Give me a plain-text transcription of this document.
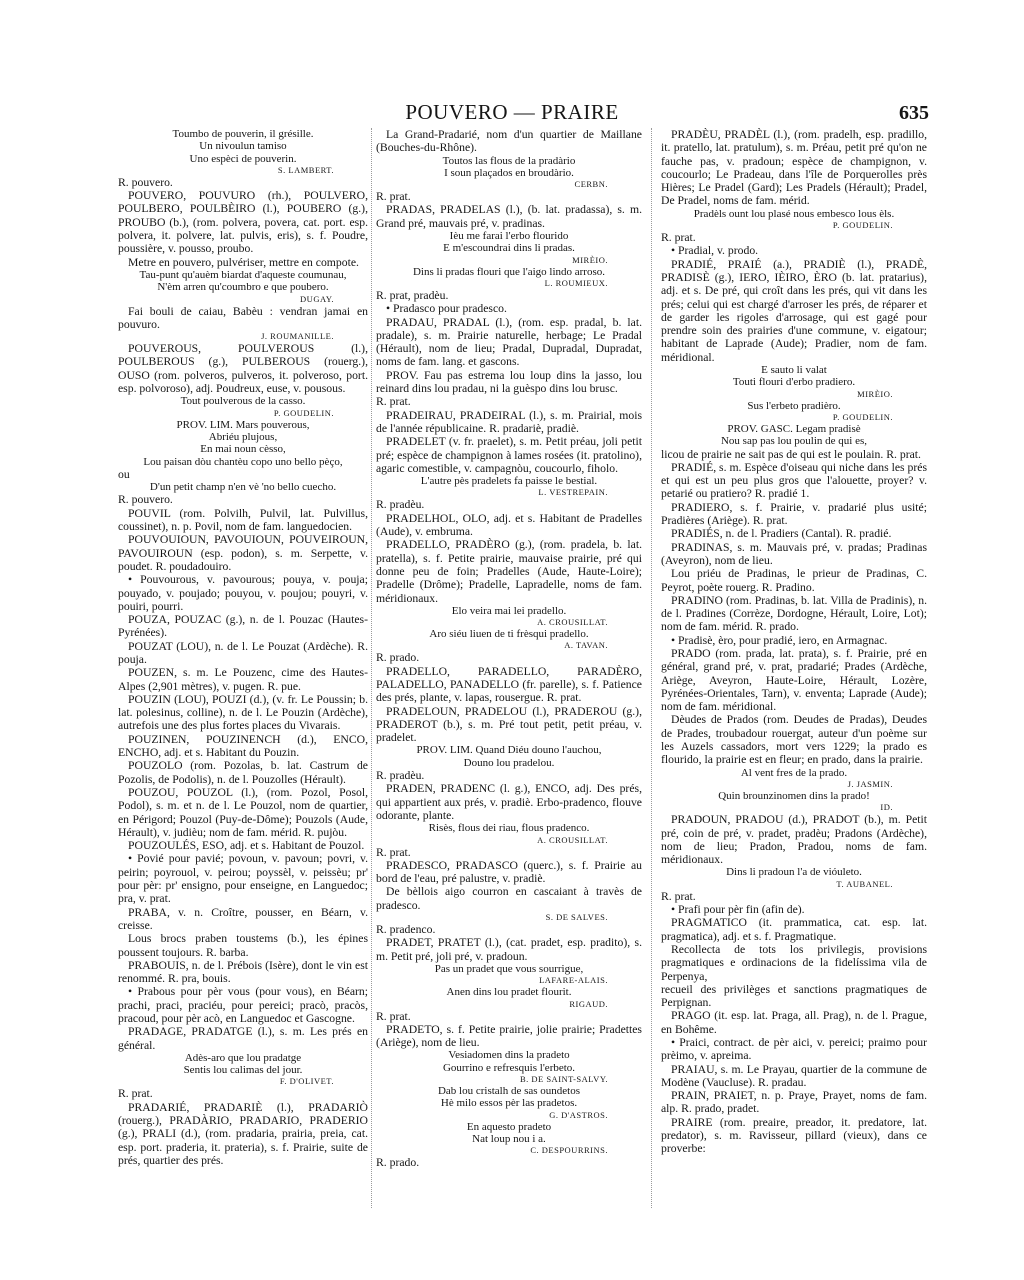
POUVERO — PRAIRE	635

Toumbo de pouverin, il grésille.

Un nivoulun tamiso

Uno espèci de pouverin.

S. LAMBERT.

R. pouvero.

POUVERO, POUVURO (rh.), POULVERO, POULBERO, POULBÈIRO (l.), POUBERO (g.), PROUBO (b.), (rom. polvera, povera, cat. port. esp. polvera, it. polvere, lat. pulvis, eris), s. f. Poudre, poussière, v. pousso, proubo.

Metre en pouvero, pulvériser, mettre en compote.

Tau-punt qu'auèm biardat d'aqueste coumunau,

N'èm arren qu'coumbro e que poubero.

DUGAY.

Fai bouli de caiau, Babèu : vendran jamai en pouvuro.

J. ROUMANILLE.

POUVEROUS, POULVEROUS (l.), POULBEROUS (g.), PULBEROUS (rouerg.), OUSO (rom. polveros, pulveros, it. polveroso, port. esp. polvoroso), adj. Poudreux, euse, v. pousous.

Tout poulverous de la casso.

P. GOUDELIN.

PROV. LIM. Mars pouverous,

Abriéu plujous,

En mai noun cèsso,

Lou paisan dòu chantèu copo uno bello pèço,

ou

D'un petit champ n'en vè 'no bello cuecho.

R. pouvero.

POUVIL (rom. Polvilh, Pulvil, lat. Pulvillus, coussinet), n. p. Povil, nom de fam. languedocien.

POUVOUIOUN, PAVOUIOUN, POUVEIROUN, PAVOUIROUN (esp. podon), s. m. Serpette, v. poudet. R. poudadouiro.

• Pouvourous, v. pavourous; pouya, v. pouja; pouyado, v. poujado; pouyou, v. poujou; pouyri, v. pouiri, pourri.

POUZA, POUZAC (g.), n. de l. Pouzac (Hautes-Pyrénées).

POUZAT (LOU), n. de l. Le Pouzat (Ardèche). R. pouja.

POUZEN, s. m. Le Pouzenc, cime des Hautes-Alpes (2,901 mètres), v. pugen. R. pue.

POUZIN (LOU), POUZI (d.), (v. fr. Le Poussin; b. lat. polesinus, colline), n. de l. Le Pouzin (Ardèche), autrefois une des plus fortes places du Vivarais.

POUZINEN, POUZINENCH (d.), ENCO, ENCHO, adj. et s. Habitant du Pouzin.

POUZOLO (rom. Pozolas, b. lat. Castrum de Pozolis, de Podolis), n. de l. Pouzolles (Hérault).

POUZOU, POUZOL (l.), (rom. Pozol, Posol, Podol), s. m. et n. de l. Le Pouzol, nom de quartier, en Périgord; Pouzol (Puy-de-Dôme); Pouzols (Aude, Hérault), v. judièu; nom de fam. mérid. R. pujòu.

POUZOULÉS, ESO, adj. et s. Habitant de Pouzol.

• Povié pour pavié; povoun, v. pavoun; povri, v. peirin; poyrouol, v. peirou; poyssèl, v. peissèu; pr' pour pèr: pr' ensigno, pour enseigne, en Languedoc; pra, v. prat.

PRABA, v. n. Croître, pousser, en Béarn, v. creisse.

Lous brocs praben toustems (b.), les épines poussent toujours. R. barba.

PRABOUIS, n. de l. Prébois (Isère), dont le vin est renommé. R. pra, bouis.

• Prabous pour pèr vous (pour vous), en Béarn; prachi, praci, praciéu, pour pereici; pracò, pracòs, pracoud, pour pèr acò, en Languedoc et Gascogne.

PRADAGE, PRADATGE (l.), s. m. Les prés en général.

Adès-aro que lou pradatge

Sentis lou calimas del jour.

F. D'OLIVET.

R. prat.

PRADARIÉ, PRADARIÈ (l.), PRADARIÒ (rouerg.), PRADÀRIO, PRADARIO, PRADERIO (g.), PRALI (d.), (rom. pradaria, prairia, preia, cat. esp. port. praderia, it. prateria), s. f. Prairie, suite de prés, quartier des prés.

La Grand-Pradarié, nom d'un quartier de Maillane (Bouches-du-Rhône).

Toutos las flous de la pradàrio

I soun plaçados en broudàrio.

CERBN.

R. prat.

PRADAS, PRADELAS (l.), (b. lat. pradassa), s. m. Grand pré, mauvais pré, v. pradinas.

Ièu me farai l'erbo flourido

E m'escoundrai dins li pradas.

MIRÈIO.

Dins li pradas flouri que l'aigo lindo arroso.

L. ROUMIEUX.

R. prat, pradèu.

• Pradasco pour pradesco.

PRADAU, PRADAL (l.), (rom. esp. pradal, b. lat. pradale), s. m. Prairie naturelle, herbage; Le Pradal (Hérault), nom de lieu; Pradal, Dupradal, Dupradat, noms de fam. lang. et gascons.

PROV. Fau pas estrema lou loup dins la jasso, lou reinard dins lou pradau, ni la guèspo dins lou brusc.

R. prat.

PRADEIRAU, PRADEIRAL (l.), s. m. Prairial, mois de l'année républicaine. R. pradariè, pradiè.

PRADELET (v. fr. praelet), s. m. Petit préau, joli petit pré; espèce de champignon à lames rosées (it. pratolino), agaric comestible, v. campagnòu, coucourlo, fiholo.

L'autre pès pradelets fa paisse le bestial.

L. VESTREPAIN.

R. pradèu.

PRADELHOL, OLO, adj. et s. Habitant de Pradelles (Aude), v. embruma.

PRADELLO, PRADÈRO (g.), (rom. pradela, b. lat. pratella), s. f. Petite prairie, mauvaise prairie, pré qui donne peu de foin; Pradelles (Aude, Haute-Loire); Pradelle (Drôme); Pradelle, Lapradelle, noms de fam. méridionaux.

Elo veira mai lei pradello.

A. CROUSILLAT.

Aro siéu liuen de ti frèsqui pradello.

A. TAVAN.

R. prado.

PRADELLO, PARADELLO, PARADÈRO, PALADELLO, PANADELLO (fr. parelle), s. f. Patience des prés, plante, v. lapas, rousergue. R. prat.

PRADELOUN, PRADELOU (l.), PRADEROU (g.), PRADEROT (b.), s. m. Pré tout petit, petit préau, v. pradelet.

PROV. LIM. Quand Diéu douno l'auchou,

Douno lou pradelou.

R. pradèu.

PRADEN, PRADENC (l. g.), ENCO, adj. Des prés, qui appartient aux prés, v. pradiè. Erbo-pradenco, flouve odorante, plante.

Risès, flous dei riau, flous pradenco.

A. CROUSILLAT.

R. prat.

PRADESCO, PRADASCO (querc.), s. f. Prairie au bord de l'eau, pré palustre, v. pradiè.

De bèllois aigo courron en cascaiant à travès de pradesco.

S. DE SALVES.

R. pradenco.

PRADET, PRATET (l.), (cat. pradet, esp. pradito), s. m. Petit pré, joli pré, v. pradoun.

Pas un pradet que vous sourrigue,

LAFARE-ALAIS.

Anen dins lou pradet flourit.

RIGAUD.

R. prat.

PRADETO, s. f. Petite prairie, jolie prairie; Pradettes (Ariège), nom de lieu.

Vesiadomen dins la pradeto

Gourrino e refresquis l'erbeto.

B. DE SAINT-SALVY.

Dab lou cristalh de sas oundetos

Hè milo essos pèr las pradetos.

G. D'ASTROS.

En aquesto pradeto

Nat loup nou i a.

C. DESPOURRINS.

R. prado.

PRADÈU, PRADÈL (l.), (rom. pradelh, esp. pradillo, it. pratello, lat. pratulum), s. m. Préau, petit pré qu'on ne fauche pas, v. pradoun; espèce de champignon, v. coucourlo; Le Pradeau, dans l'île de Porquerolles près Hières; Le Pradel (Gard); Les Pradels (Hérault); Pradel, De Pradel, noms de fam. mérid.

Pradèls ount lou plasé nous embesco lous èls.

P. GOUDELIN.

R. prat.

• Pradial, v. prodo.

PRADIÉ, PRAIÉ (a.), PRADIÈ (l.), PRADÈ, PRADISÈ (g.), IERO, IÈIRO, ÈRO (b. lat. pratarius), adj. et s. De pré, qui croît dans les prés, qui vit dans les prés; celui qui est chargé d'arroser les prés, de réparer et de garder les rigoles d'arrosage, qui est gagé pour prendre soin des prairies d'une commune, v. eigatour; habitant de Laprade (Aude); Pradier, nom de fam. méridional.

E sauto li valat

Touti flouri d'erbo pradiero.

MIRÈIO.

Sus l'erbeto pradièro.

P. GOUDELIN.

PROV. GASC. Legam pradisè

Nou sap pas lou poulin de qui es,

licou de prairie ne sait pas de qui est le poulain. R. prat.

PRADIÉ, s. m. Espèce d'oiseau qui niche dans les prés et qui est un peu plus gros que l'alouette, proyer? v. petarié ou pratiero? R. pradié 1.

PRADIERO, s. f. Prairie, v. pradarié plus usité; Pradières (Ariège). R. prat.

PRADIÉS, n. de l. Pradiers (Cantal). R. pradié.

PRADINAS, s. m. Mauvais pré, v. pradas; Pradinas (Aveyron), nom de lieu.

Lou priéu de Pradinas, le prieur de Pradinas, C. Peyrot, poète rouerg. R. Pradino.

PRADINO (rom. Pradinas, b. lat. Villa de Pradinis), n. de l. Pradines (Corrèze, Dordogne, Hérault, Loire, Lot); nom de fam. mérid. R. prado.

• Pradisè, èro, pour pradié, iero, en Armagnac.

PRADO (rom. prada, lat. prata), s. f. Prairie, pré en général, grand pré, v. prat, pradarié; Prades (Ardèche, Ariège, Aveyron, Haute-Loire, Hérault, Lozère, Pyrénées-Orientales, Tarn), v. enventa; Laprade (Aude); nom de fam. méridional.

Dèudes de Prados (rom. Deudes de Pradas), Deudes de Prades, troubadour rouergat, auteur d'un poème sur les Auzels cassadors, mort vers 1229; la prado es flourido, la prairie est en fleur; en prado, dans la prairie.

Al vent fres de la prado.

J. JASMIN.

Quin brounzinomen dins la prado!

ID.

PRADOUN, PRADOU (d.), PRADOT (b.), m. Petit pré, coin de pré, v. pradet, pradèu; Pradons (Ardèche), nom de lieu; Pradon, Pradou, noms de fam. méridionaux.

Dins li pradoun l'a de vióuleto.

T. AUBANEL.

R. prat.

• Prafi pour pèr fin (afin de).

PRAGMATICO (it. prammatica, cat. esp. lat. pragmatica), adj. et s. f. Pragmatique.

Recollecta de tots los privilegis, provisions pragmatiques e ordinacions de la fidelíssima vila de Perpenya,

recueil des privilèges et sanctions pragmatiques de Perpignan.

PRAGO (it. esp. lat. Praga, all. Prag), n. de l. Prague, en Bohême.

• Praici, contract. de pèr aici, v. pereici; praimo pour prèimo, v. apreima.

PRAIAU, s. m. Le Prayau, quartier de la commune de Modène (Vaucluse). R. pradau.

PRAIN, PRAIET, n. p. Praye, Prayet, noms de fam. alp. R. prado, pradet.

PRAIRE (rom. preaire, preador, it. predatore, lat. predator), s. m. Ravisseur, pillard (vieux), dans ce proverbe:
